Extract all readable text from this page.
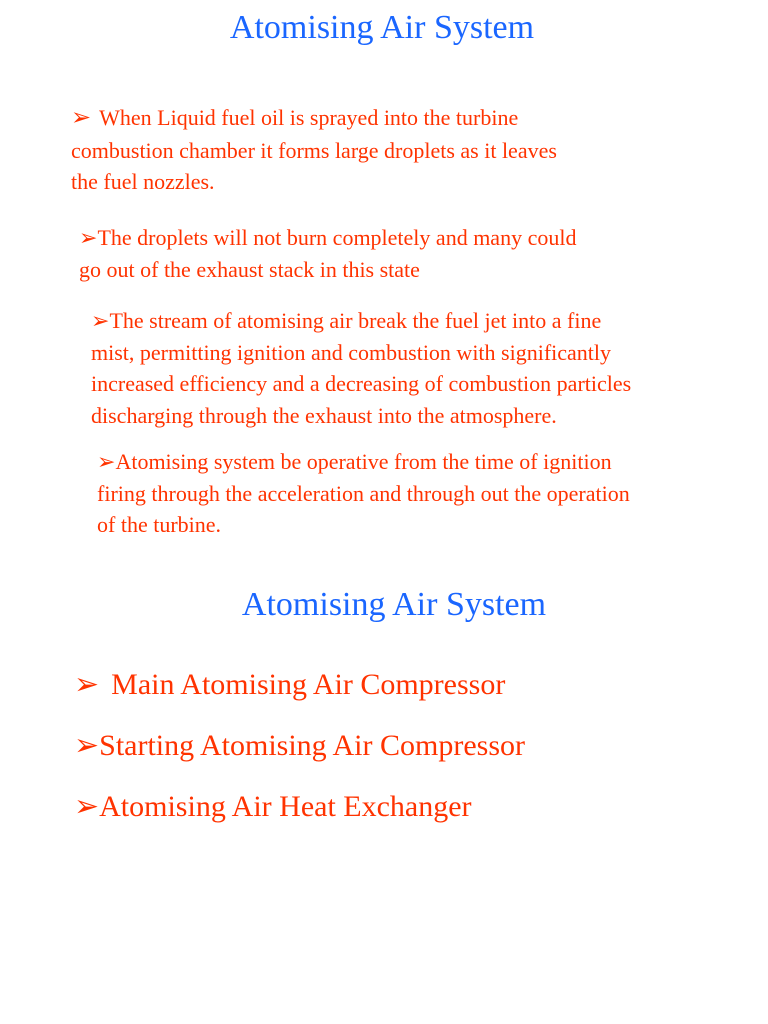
Atomising Air System
➢ When Liquid fuel oil is sprayed into the turbine
combustion chamber it forms large droplets as it leaves
the fuel nozzles.
➢The droplets will not burn completely and many could
go out of the exhaust stack in this state
➢The stream of atomising air break the fuel jet into a fine
mist, permitting ignition and combustion with significantly
increased efficiency and a decreasing of combustion particles
discharging through the exhaust into the atmosphere.
➢Atomising system be operative from the time of ignition
firing through the acceleration and through out the operation
of the turbine.
Atomising Air System
➢ Main Atomising Air Compressor
➢Starting Atomising Air Compressor
➢Atomising Air Heat Exchanger
